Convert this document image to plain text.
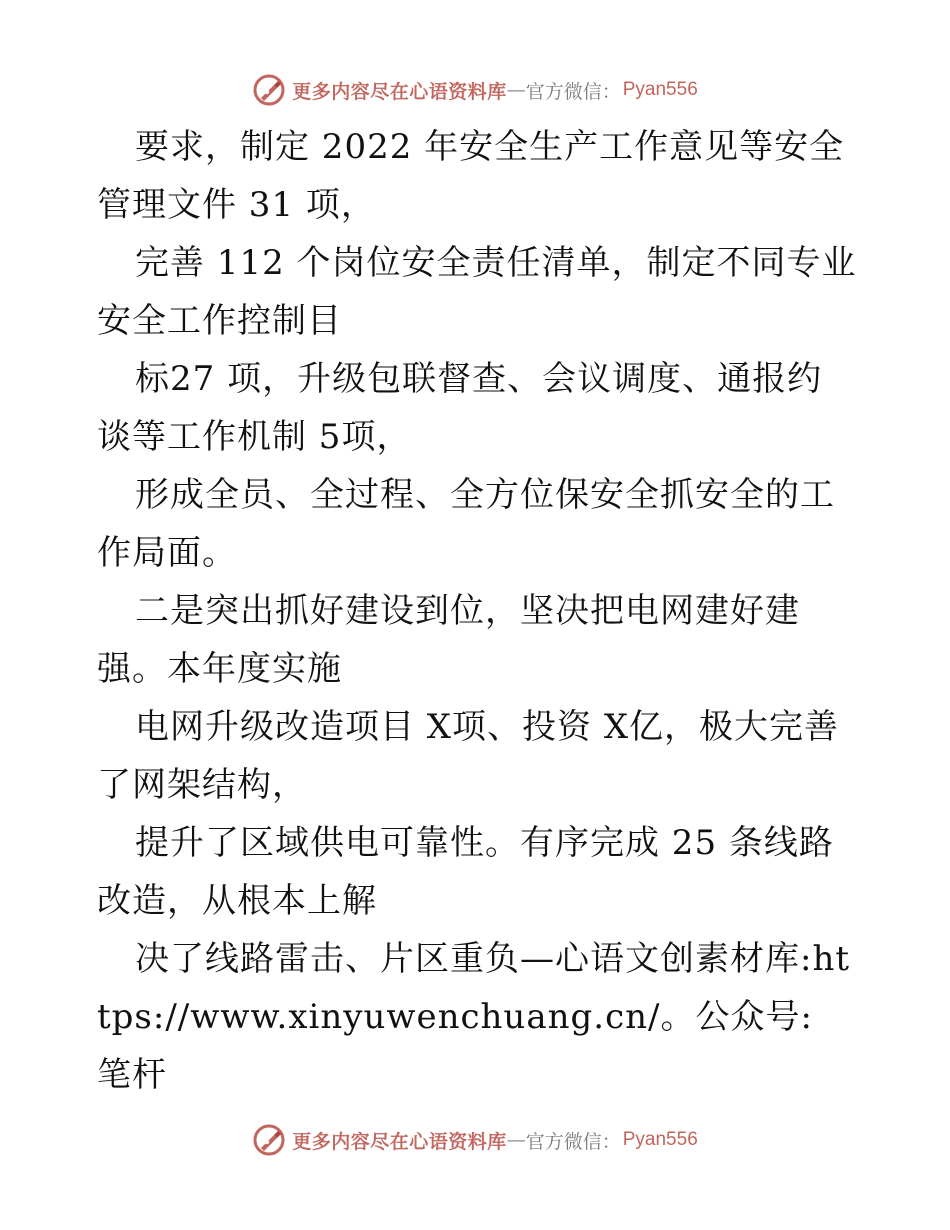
更多内容尽在心语资料库 — 官方微信： Pyan556

要求，制定 2022 年安全生产工作意见等安全管理文件 31 项，

完善 112 个岗位安全责任清单，制定不同专业安全工作控制目

标27 项，升级包联督查、会议调度、通报约谈等工作机制 5项，

形成全员、全过程、全方位保安全抓安全的工作局面。

二是突出抓好建设到位，坚决把电网建好建强。本年度实施

电网升级改造项目 X项、投资 X亿，极大完善了网架结构，

提升了区域供电可靠性。有序完成 25 条线路改造，从根本上解

决了线路雷击、片区重负—心语文创素材库:https://www.xinyuwenchuang.cn/。公众号: 笔杆

更多内容尽在心语资料库 — 官方微信： Pyan556
